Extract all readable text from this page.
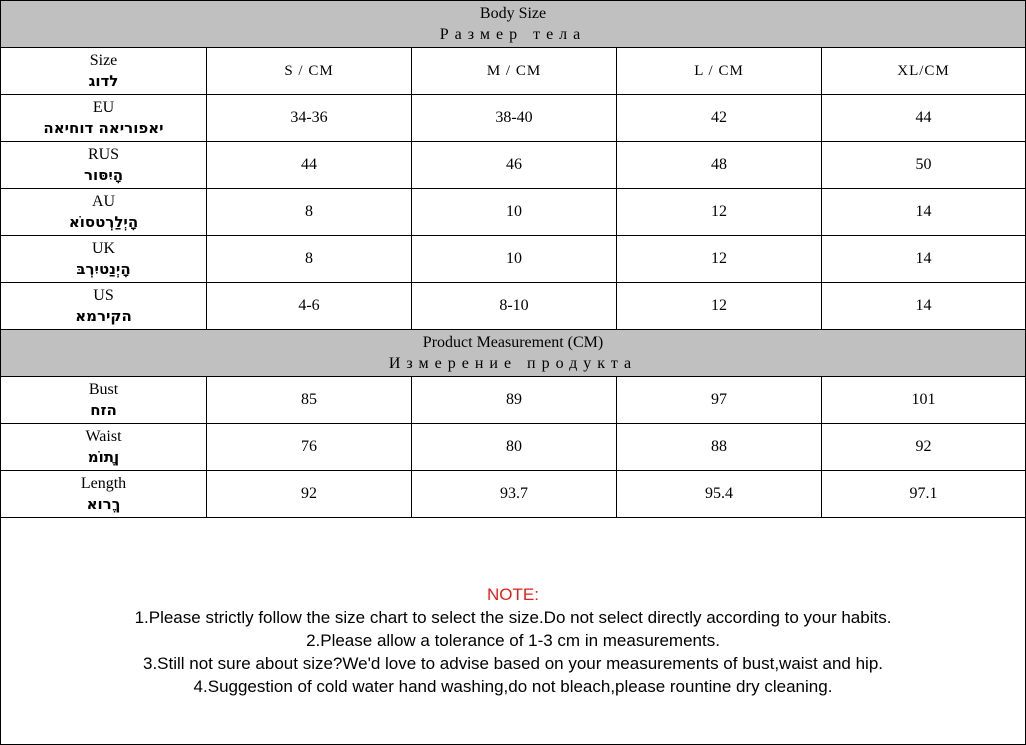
Body Size
Размер тела				

Size
לדוג	S / CM	M / CM	L / CM	XL/CM

EU
יאפוריאה דוחיאה	34-36	38-40	42	44

RUS
הָיִסּור	44	46	48	50

AU
הָיְלַרְטסוֹא	8	10	12	14

UK
הָיְנַטיִרְבּ	8	10	12	14

US
הקירמא	4-6	8-10	12	14

Product Measurement (CM)
Измерение продукта				

Bust
הזח	85	89	97	101

Waist
ןֶתוֹמ	76	80	88	92

Length
ךֶרוא	92	93.7	95.4	97.1
NOTE:
1.Please strictly follow the size chart to select the size.Do not select directly according to your habits.
2.Please allow a tolerance of 1-3 cm in measurements.
3.Still not sure about size?We'd love to advise based on your measurements of bust,waist and hip.
4.Suggestion of cold water hand washing,do not bleach,please rountine dry cleaning.
